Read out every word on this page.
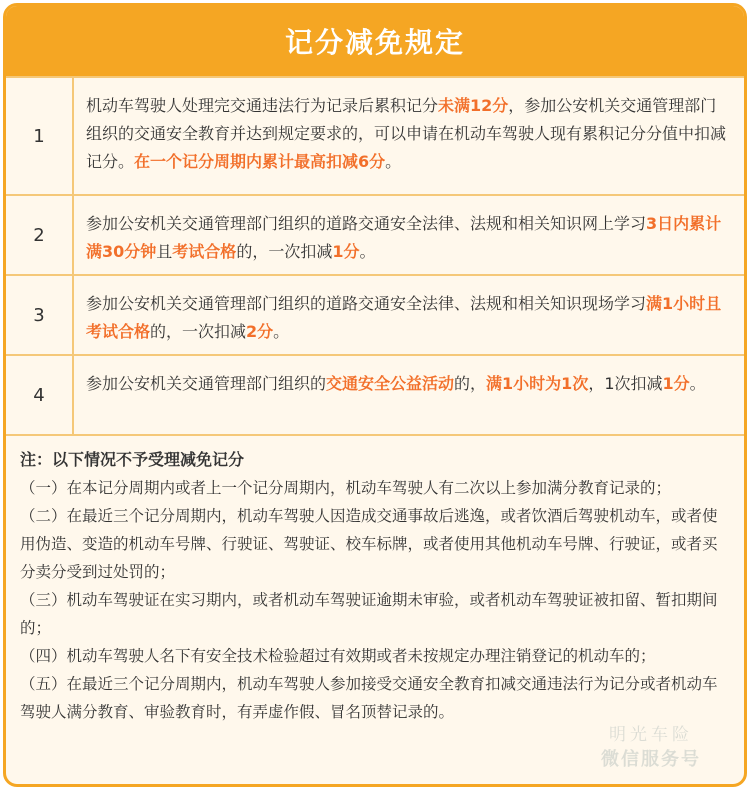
记分减免规定
1
机动车驾驶人处理完交通违法行为记录后累积记分未满12分，参加公安机关交通管理部门组织的交通安全教育并达到规定要求的，可以申请在机动车驾驶人现有累积记分分值中扣减记分。在一个记分周期内累计最高扣减6分。
2
参加公安机关交通管理部门组织的道路交通安全法律、法规和相关知识网上学习3日内累计满30分钟且考试合格的，一次扣减1分。
3
参加公安机关交通管理部门组织的道路交通安全法律、法规和相关知识现场学习满1小时且考试合格的，一次扣减2分。
4
参加公安机关交通管理部门组织的交通安全公益活动的，满1小时为1次，1次扣减1分。
注：以下情况不予受理减免记分
（一）在本记分周期内或者上一个记分周期内，机动车驾驶人有二次以上参加满分教育记录的；
（二）在最近三个记分周期内，机动车驾驶人因造成交通事故后逃逸，或者饮酒后驾驶机动车，或者使用伪造、变造的机动车号牌、行驶证、驾驶证、校车标牌，或者使用其他机动车号牌、行驶证，或者买分卖分受到过处罚的；
（三）机动车驾驶证在实习期内，或者机动车驾驶证逾期未审验，或者机动车驾驶证被扣留、暂扣期间的；
（四）机动车驾驶人名下有安全技术检验超过有效期或者未按规定办理注销登记的机动车的；
（五）在最近三个记分周期内，机动车驾驶人参加接受交通安全教育扣减交通违法行为记分或者机动车驾驶人满分教育、审验教育时，有弄虚作假、冒名顶替记录的。
明光车险
微信服务号
